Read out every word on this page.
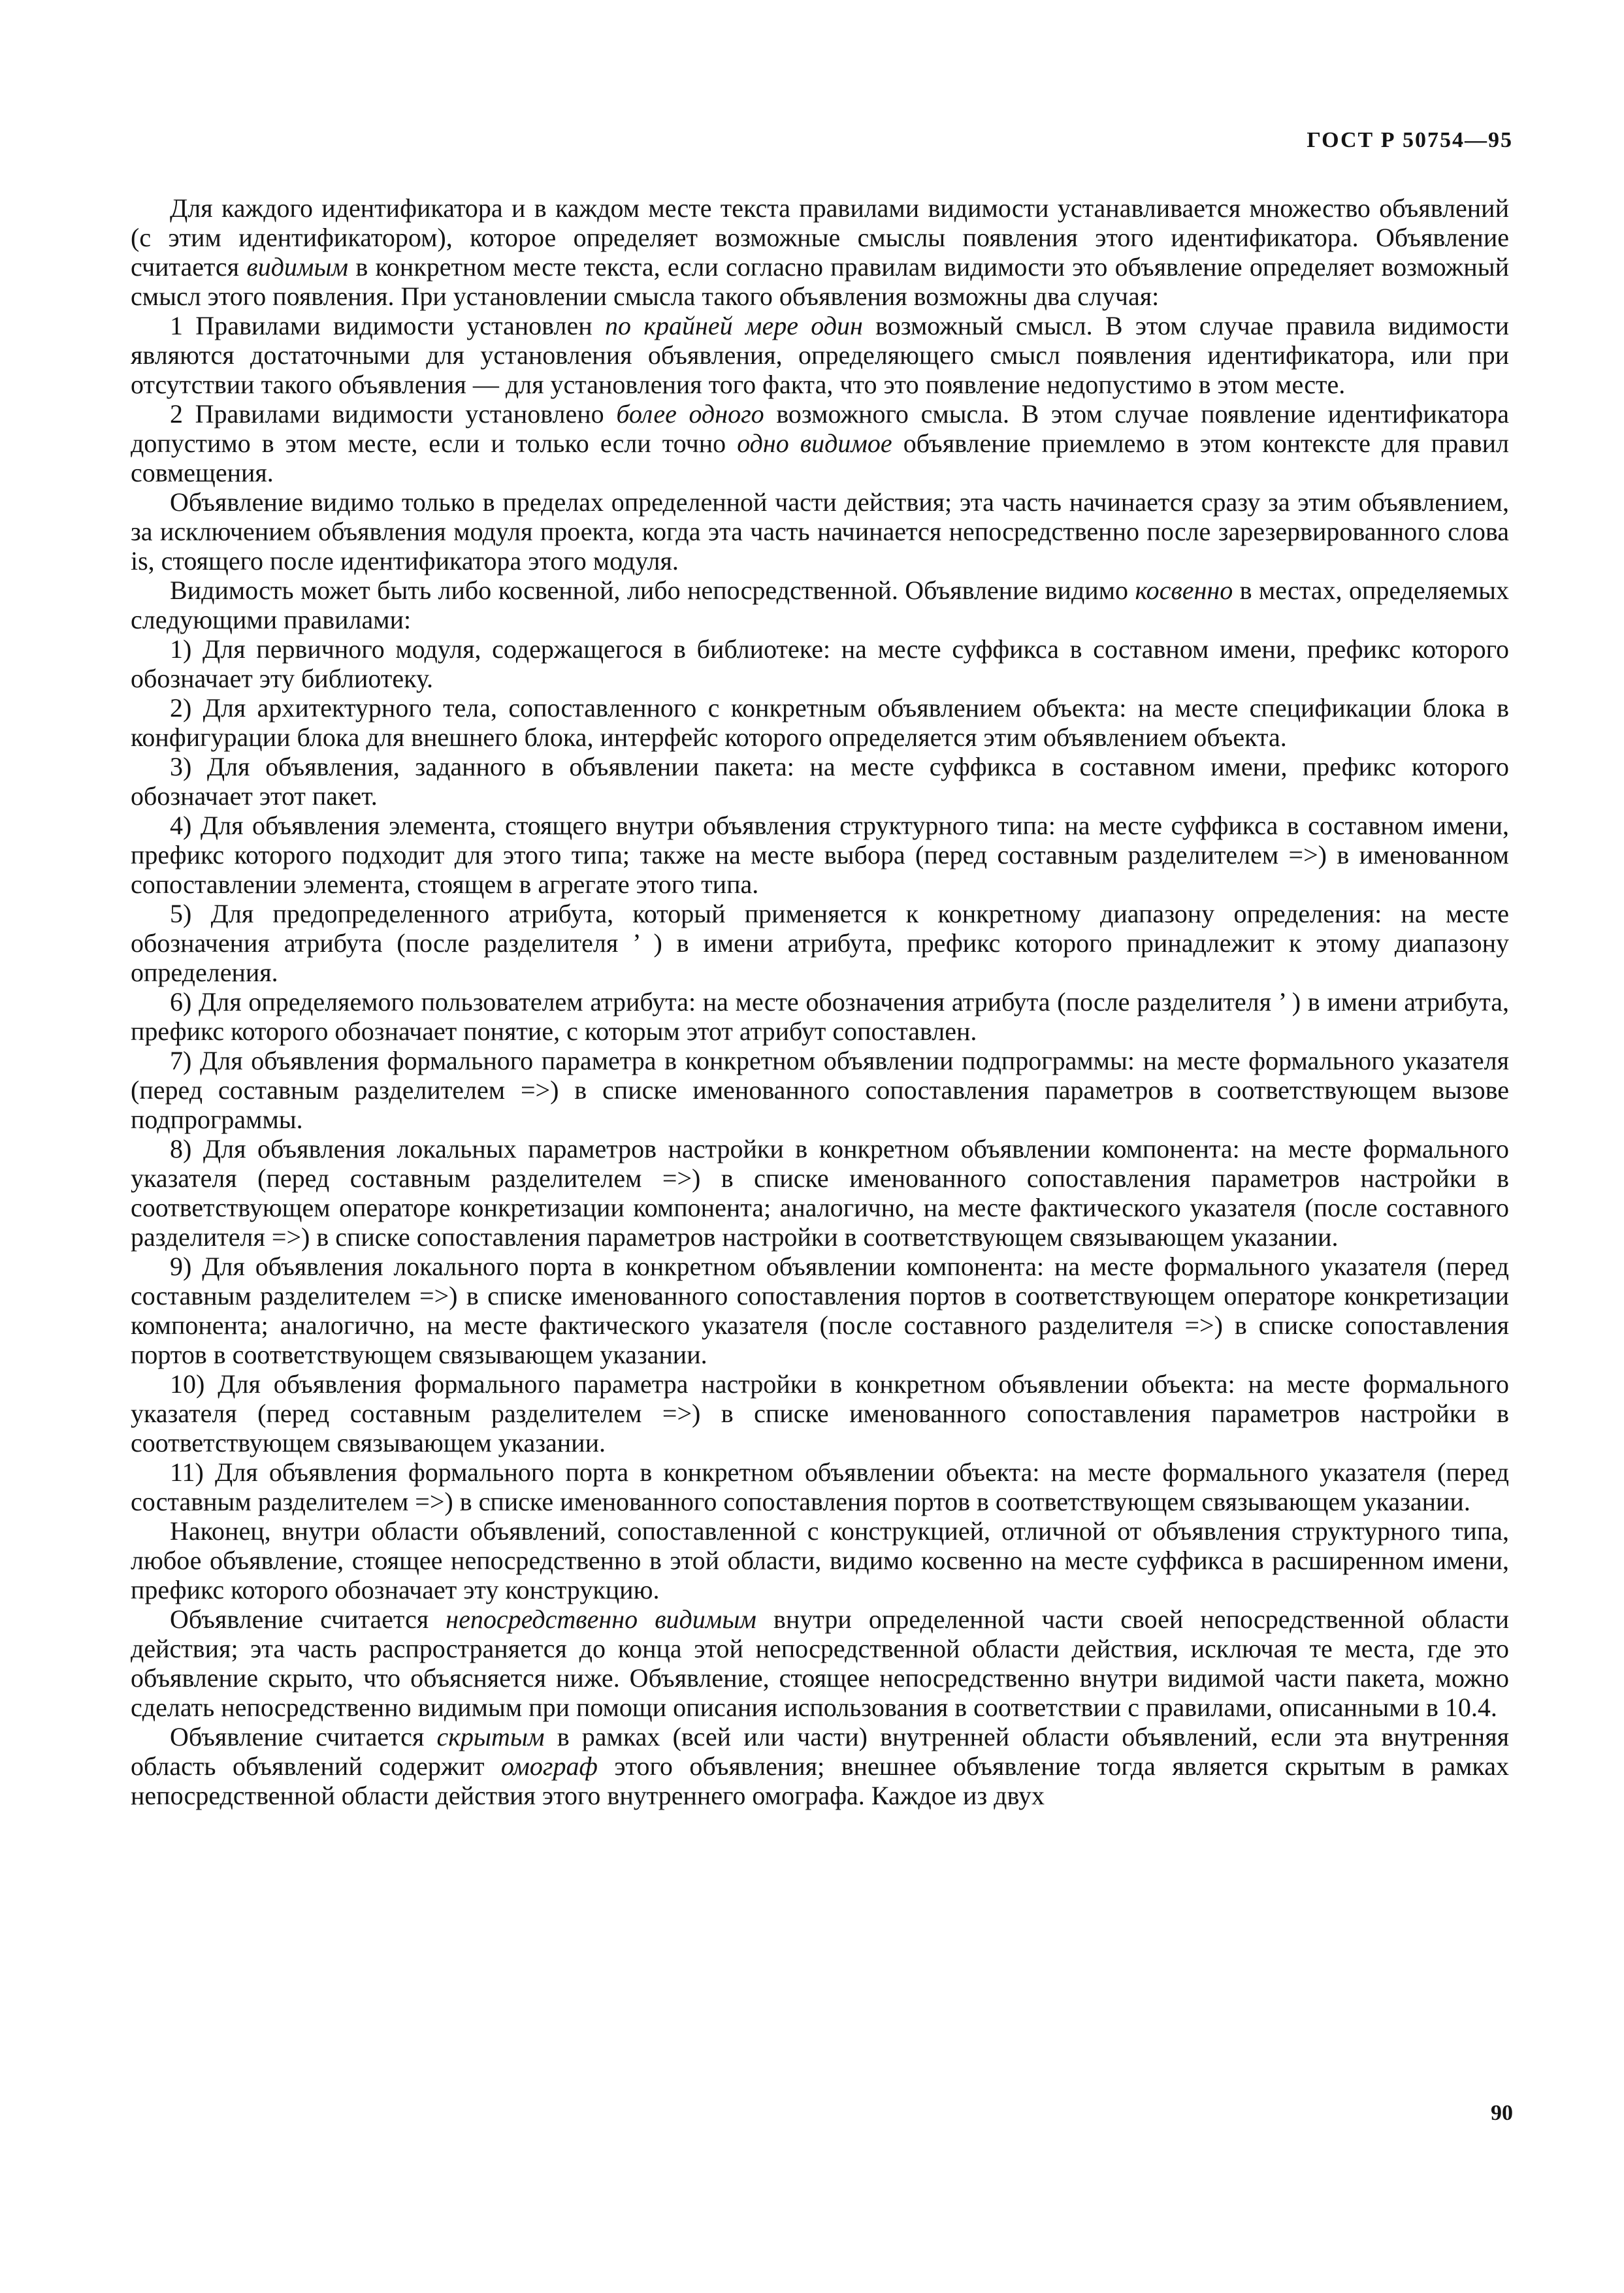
ГОСТ Р 50754—95

Для каждого идентификатора и в каждом месте текста правилами видимости устанавливается множество объявлений (с этим идентификатором), которое определяет возможные смыслы появления этого идентификатора. Объявление считается видимым в конкретном месте текста, если согласно правилам видимости это объявление определяет возможный смысл этого появления. При установлении смысла такого объявления возможны два случая:

1 Правилами видимости установлен по крайней мере один возможный смысл. В этом случае правила видимости являются достаточными для установления объявления, определяющего смысл появления идентификатора, или при отсутствии такого объявления — для установления того факта, что это появление недопустимо в этом месте.

2 Правилами видимости установлено более одного возможного смысла. В этом случае появление идентификатора допустимо в этом месте, если и только если точно одно видимое объявление приемлемо в этом контексте для правил совмещения.

Объявление видимо только в пределах определенной части действия; эта часть начинается сразу за этим объявлением, за исключением объявления модуля проекта, когда эта часть начинается непосредственно после зарезервированного слова is, стоящего после идентификатора этого модуля.

Видимость может быть либо косвенной, либо непосредственной. Объявление видимо косвенно в местах, определяемых следующими правилами:

1) Для первичного модуля, содержащегося в библиотеке: на месте суффикса в составном имени, префикс которого обозначает эту библиотеку.

2) Для архитектурного тела, сопоставленного с конкретным объявлением объекта: на месте спецификации блока в конфигурации блока для внешнего блока, интерфейс которого определяется этим объявлением объекта.

3) Для объявления, заданного в объявлении пакета: на месте суффикса в составном имени, префикс которого обозначает этот пакет.

4) Для объявления элемента, стоящего внутри объявления структурного типа: на месте суффикса в составном имени, префикс которого подходит для этого типа; также на месте выбора (перед составным разделителем =>) в именованном сопоставлении элемента, стоящем в агрегате этого типа.

5) Для предопределенного атрибута, который применяется к конкретному диапазону определения: на месте обозначения атрибута (после разделителя ’ ) в имени атрибута, префикс которого принадлежит к этому диапазону определения.

6) Для определяемого пользователем атрибута: на месте обозначения атрибута (после разделителя ’ ) в имени атрибута, префикс которого обозначает понятие, с которым этот атрибут сопоставлен.

7) Для объявления формального параметра в конкретном объявлении подпрограммы: на месте формального указателя (перед составным разделителем =>) в списке именованного сопоставления параметров в соответствующем вызове подпрограммы.

8) Для объявления локальных параметров настройки в конкретном объявлении компонента: на месте формального указателя (перед составным разделителем =>) в списке именованного сопоставления параметров настройки в соответствующем операторе конкретизации компонента; аналогично, на месте фактического указателя (после составного разделителя =>) в списке сопоставления параметров настройки в соответствующем связывающем указании.

9) Для объявления локального порта в конкретном объявлении компонента: на месте формального указателя (перед составным разделителем =>) в списке именованного сопоставления портов в соответствующем операторе конкретизации компонента; аналогично, на месте фактического указателя (после составного разделителя =>) в списке сопоставления портов в соответствующем связывающем указании.

10) Для объявления формального параметра настройки в конкретном объявлении объекта: на месте формального указателя (перед составным разделителем =>) в списке именованного сопоставления параметров настройки в соответствующем связывающем указании.

11) Для объявления формального порта в конкретном объявлении объекта: на месте формального указателя (перед составным разделителем =>) в списке именованного сопоставления портов в соответствующем связывающем указании.

Наконец, внутри области объявлений, сопоставленной с конструкцией, отличной от объявления структурного типа, любое объявление, стоящее непосредственно в этой области, видимо косвенно на месте суффикса в расширенном имени, префикс которого обозначает эту конструкцию.

Объявление считается непосредственно видимым внутри определенной части своей непосредственной области действия; эта часть распространяется до конца этой непосредственной области действия, исключая те места, где это объявление скрыто, что объясняется ниже. Объявление, стоящее непосредственно внутри видимой части пакета, можно сделать непосредственно видимым при помощи описания использования в соответствии с правилами, описанными в 10.4.

Объявление считается скрытым в рамках (всей или части) внутренней области объявлений, если эта внутренняя область объявлений содержит омограф этого объявления; внешнее объявление тогда является скрытым в рамках непосредственной области действия этого внутреннего омографа. Каждое из двух

90
